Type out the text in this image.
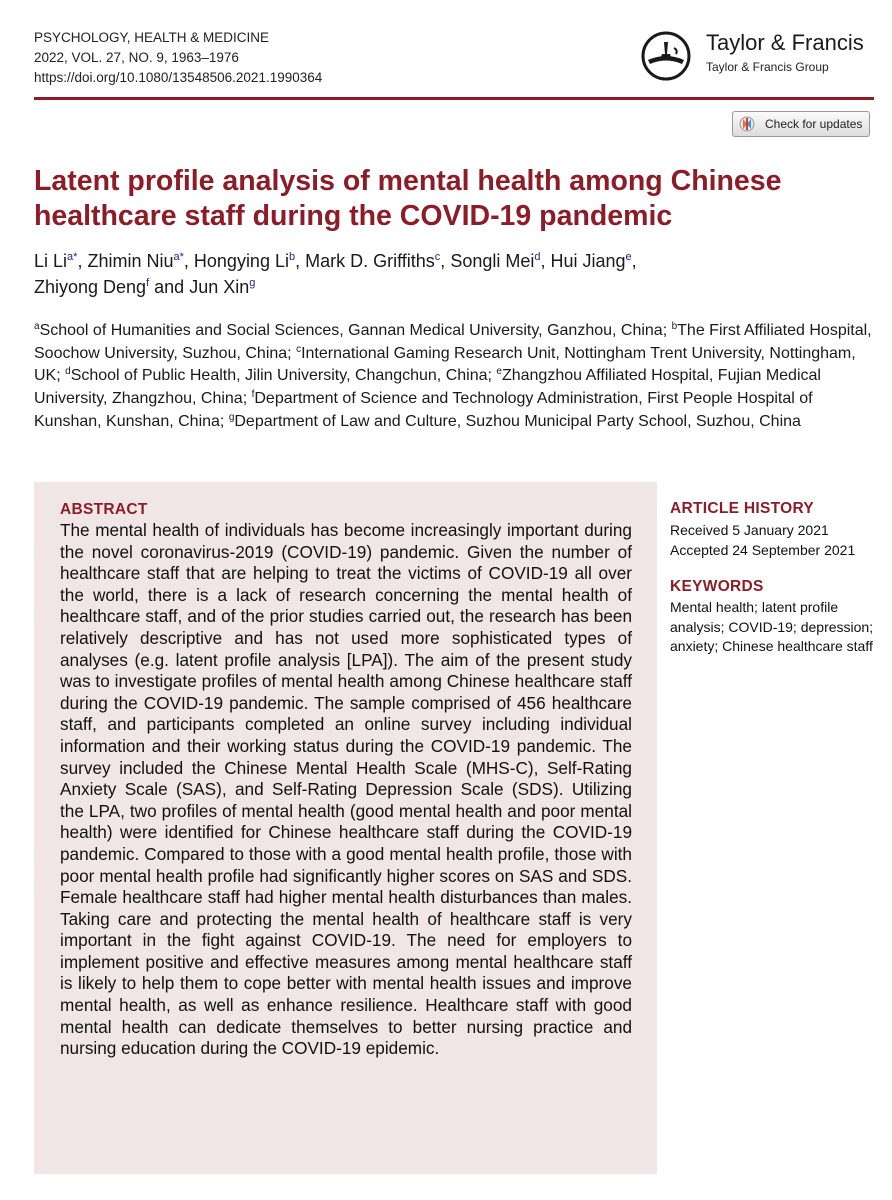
PSYCHOLOGY, HEALTH & MEDICINE
2022, VOL. 27, NO. 9, 1963–1976
https://doi.org/10.1080/13548506.2021.1990364
Taylor & Francis
Taylor & Francis Group
Check for updates
Latent profile analysis of mental health among Chinese healthcare staff during the COVID-19 pandemic
Li $Li^{a*}$, Zhimin Niu$^{a*}$, Hongying Li$^b$, Mark D. Griffiths$^c$, Songli Mei$^d$, Hui Jiang$^e$,
Zhiyong Deng$^f$ and Jun Xin$^g$
$^a$School of Humanities and Social Sciences, Gannan Medical University, Ganzhou, China; $^b$The First Affiliated Hospital, Soochow University, Suzhou, China; $^c$International Gaming Research Unit, Nottingham Trent University, Nottingham, UK; $^d$School of Public Health, Jilin University, Changchun, China; $^e$Zhangzhou Affiliated Hospital, Fujian Medical University, Zhangzhou, China; $^f$Department of Science and Technology Administration, First People Hospital of Kunshan, Kunshan, China; $^g$Department of Law and Culture, Suzhou Municipal Party School, Suzhou, China
ABSTRACT
The mental health of individuals has become increasingly important during the novel coronavirus-2019 (COVID-19) pandemic. Given the number of healthcare staff that are helping to treat the victims of COVID-19 all over the world, there is a lack of research concerning the mental health of healthcare staff, and of the prior studies carried out, the research has been relatively descriptive and has not used more sophisticated types of analyses (e.g. latent profile analysis [LPA]). The aim of the present study was to investigate profiles of mental health among Chinese healthcare staff during the COVID-19 pandemic. The sample comprised of 456 healthcare staff, and participants completed an online survey including individual information and their working status during the COVID-19 pandemic. The survey included the Chinese Mental Health Scale (MHS-C), Self-Rating Anxiety Scale (SAS), and Self-Rating Depression Scale (SDS). Utilizing the LPA, two profiles of mental health (good mental health and poor mental health) were identified for Chinese healthcare staff during the COVID-19 pandemic. Compared to those with a good mental health profile, those with poor mental health profile had significantly higher scores on SAS and SDS. Female healthcare staff had higher mental health disturbances than males. Taking care and protecting the mental health of healthcare staff is very important in the fight against COVID-19. The need for employers to implement positive and effective measures among mental healthcare staff is likely to help them to cope better with mental health issues and improve mental health, as well as enhance resilience. Healthcare staff with good mental health can dedicate themselves to better nursing practice and nursing education during the COVID-19 epidemic.
ARTICLE HISTORY
Received 5 January 2021
Accepted 24 September 2021
KEYWORDS
Mental health; latent profile analysis; COVID-19; depression; anxiety; Chinese healthcare staff
